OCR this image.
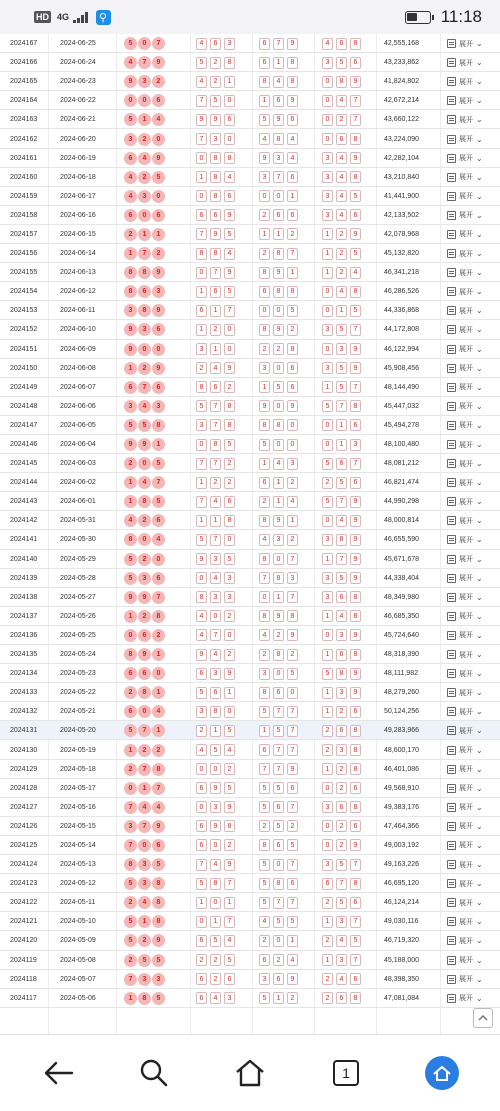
HD 4G	⚲	11:18
2024167	2024-06-25	5	0	7	4	6	3	6	7	9	4	6	8	42,555,168	展开 ⌄
2024166	2024-06-24	4	7	9	5	2	8	6	1	8	3	5	6	43,233,862	展开 ⌄
2024165	2024-06-23	9	3	2	4	2	1	8	4	8	0	8	9	41,824,802	展开 ⌄
2024164	2024-06-22	0	0	6	7	5	0	1	6	9	0	4	7	42,672,214	展开 ⌄
2024163	2024-06-21	5	1	4	9	9	6	5	9	6	0	2	7	43,660,122	展开 ⌄
2024162	2024-06-20	3	2	0	7	3	0	4	8	4	0	6	8	43,224,090	展开 ⌄
2024161	2024-06-19	6	4	9	0	8	8	9	3	4	3	4	9	42,282,104	展开 ⌄
2024160	2024-06-18	4	2	5	1	8	4	3	7	6	3	4	8	43,210,840	展开 ⌄
2024159	2024-06-17	4	3	0	0	8	6	0	0	1	3	4	5	41,441,900	展开 ⌄
2024158	2024-06-16	6	0	6	6	6	9	2	6	6	3	4	6	42,133,502	展开 ⌄
2024157	2024-06-15	2	1	1	7	9	5	1	1	2	1	2	9	42,078,968	展开 ⌄
2024156	2024-06-14	1	7	2	8	8	4	2	8	7	1	2	5	45,132,820	展开 ⌄
2024155	2024-06-13	8	8	9	0	7	9	8	9	1	1	2	4	46,341,218	展开 ⌄
2024154	2024-06-12	8	6	3	1	6	5	6	8	8	0	4	8	46,286,526	展开 ⌄
2024153	2024-06-11	3	8	9	6	1	7	0	0	5	0	1	5	44,336,868	展开 ⌄
2024152	2024-06-10	9	3	6	1	2	0	8	9	2	3	5	7	44,172,808	展开 ⌄
2024151	2024-06-09	9	0	0	3	1	0	2	2	8	0	3	9	46,122,994	展开 ⌄
2024150	2024-06-08	1	2	9	2	4	9	3	0	6	3	5	9	45,908,456	展开 ⌄
2024149	2024-06-07	6	7	6	8	6	2	1	5	6	1	5	7	48,144,490	展开 ⌄
2024148	2024-06-06	3	4	3	5	7	8	9	0	9	5	7	8	45,447,032	展开 ⌄
2024147	2024-06-05	5	5	8	3	7	8	8	8	0	0	1	6	45,494,278	展开 ⌄
2024146	2024-06-04	9	9	1	0	8	5	5	0	0	0	1	3	48,100,480	展开 ⌄
2024145	2024-06-03	2	0	5	7	7	2	1	4	3	5	6	7	48,081,212	展开 ⌄
2024144	2024-06-02	1	4	7	1	2	2	6	1	2	2	5	6	46,821,474	展开 ⌄
2024143	2024-06-01	1	8	5	7	4	6	2	1	4	5	7	9	44,990,298	展开 ⌄
2024142	2024-05-31	4	2	6	1	1	8	8	9	1	0	4	9	48,000,814	展开 ⌄
2024141	2024-05-30	8	0	4	5	7	0	4	3	2	3	8	9	46,655,590	展开 ⌄
2024140	2024-05-29	5	2	0	9	3	5	8	0	7	1	7	9	45,671,678	展开 ⌄
2024139	2024-05-28	5	3	6	0	4	3	7	8	3	3	5	9	44,338,404	展开 ⌄
2024138	2024-05-27	9	9	7	8	3	3	0	1	7	3	6	8	48,349,980	展开 ⌄
2024137	2024-05-26	1	2	8	4	0	2	8	9	8	1	4	8	46,685,350	展开 ⌄
2024136	2024-05-25	0	6	2	4	7	0	4	2	9	0	3	9	45,724,640	展开 ⌄
2024135	2024-05-24	8	9	1	9	4	2	2	8	2	1	6	8	48,318,390	展开 ⌄
2024134	2024-05-23	6	6	0	6	3	9	3	0	5	5	8	9	48,111,982	展开 ⌄
2024133	2024-05-22	2	8	1	5	6	1	8	6	0	1	3	9	48,279,260	展开 ⌄
2024132	2024-05-21	6	0	4	3	8	0	5	7	7	1	2	6	50,124,256	展开 ⌄
2024131	2024-05-20	5	7	1	2	1	5	1	5	7	2	6	8	49,283,966	展开 ⌄
2024130	2024-05-19	1	2	2	4	5	4	6	7	7	2	3	8	48,600,170	展开 ⌄
2024129	2024-05-18	2	7	8	0	0	2	7	7	9	1	2	8	46,401,086	展开 ⌄
2024128	2024-05-17	0	1	7	6	9	5	5	5	6	0	2	6	49,568,910	展开 ⌄
2024127	2024-05-16	7	4	4	0	3	9	5	6	7	3	6	8	49,383,176	展开 ⌄
2024126	2024-05-15	3	7	9	6	9	8	2	5	2	0	2	6	47,464,366	展开 ⌄
2024125	2024-05-14	7	0	6	6	0	2	8	6	5	0	2	9	49,003,192	展开 ⌄
2024124	2024-05-13	8	3	5	7	4	9	5	0	7	3	5	7	49,163,226	展开 ⌄
2024123	2024-05-12	5	3	8	5	8	7	5	8	6	6	7	8	46,695,120	展开 ⌄
2024122	2024-05-11	2	4	8	1	0	1	5	7	7	2	5	6	46,124,214	展开 ⌄
2024121	2024-05-10	5	1	8	0	1	7	4	5	5	1	3	7	49,030,116	展开 ⌄
2024120	2024-05-09	5	2	9	6	5	4	2	0	1	2	4	5	46,719,320	展开 ⌄
2024119	2024-05-08	2	5	5	2	2	5	6	2	4	1	3	7	45,188,000	展开 ⌄
2024118	2024-05-07	7	3	3	6	2	6	3	6	9	2	4	6	48,398,350	展开 ⌄
2024117	2024-05-06	1	8	5	6	4	3	5	1	2	2	6	8	47,081,084	展开 ⌄
1
